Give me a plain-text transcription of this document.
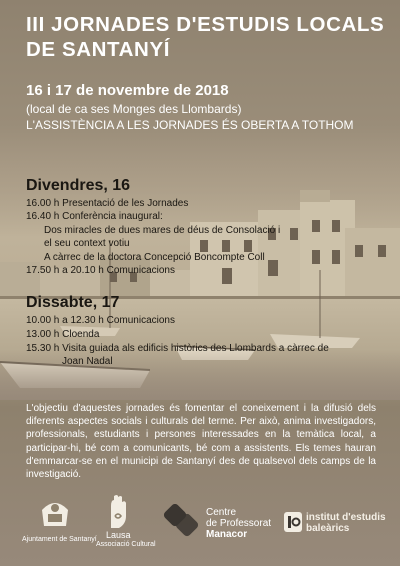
III JORNADES D'ESTUDIS LOCALS
DE SANTANYÍ
16 i 17 de novembre de 2018
(local de ca ses Monges des Llombards)
L'ASSISTÈNCIA A LES JORNADES ÉS OBERTA A TOTHOM
Divendres, 16
16.00 h Presentació de les Jornades
16.40 h Conferència inaugural:
Dos miracles de dues mares de déus de Consolació i
el seu context votiu
A càrrec de la doctora Concepció Boncompte Coll
17.50 h a 20.10 h Comunicacions
Dissabte, 17
10.00 h a 12.30 h Comunicacions
13.00 h Cloenda
15.30 h Visita guiada als edificis històrics des Llombards a càrrec de
Joan Nadal
L'objectiu d'aquestes jornades és fomentar el coneixement i la difusió dels diferents aspectes socials i culturals del terme. Per això, anima investigadors, professionals, estudiants i persones interessades en la temàtica local, a participar-hi, bé com a comunicants, bé com a assistents. Els temes hauran d'emmarcar-se en el municipi de Santanyí des de qualsevol dels camps de la investigació.
Ajuntament de Santanyí Lausa
Associació Cultural
Centre
de Professorat
Manacor
institut d'estudis
baleàrics
